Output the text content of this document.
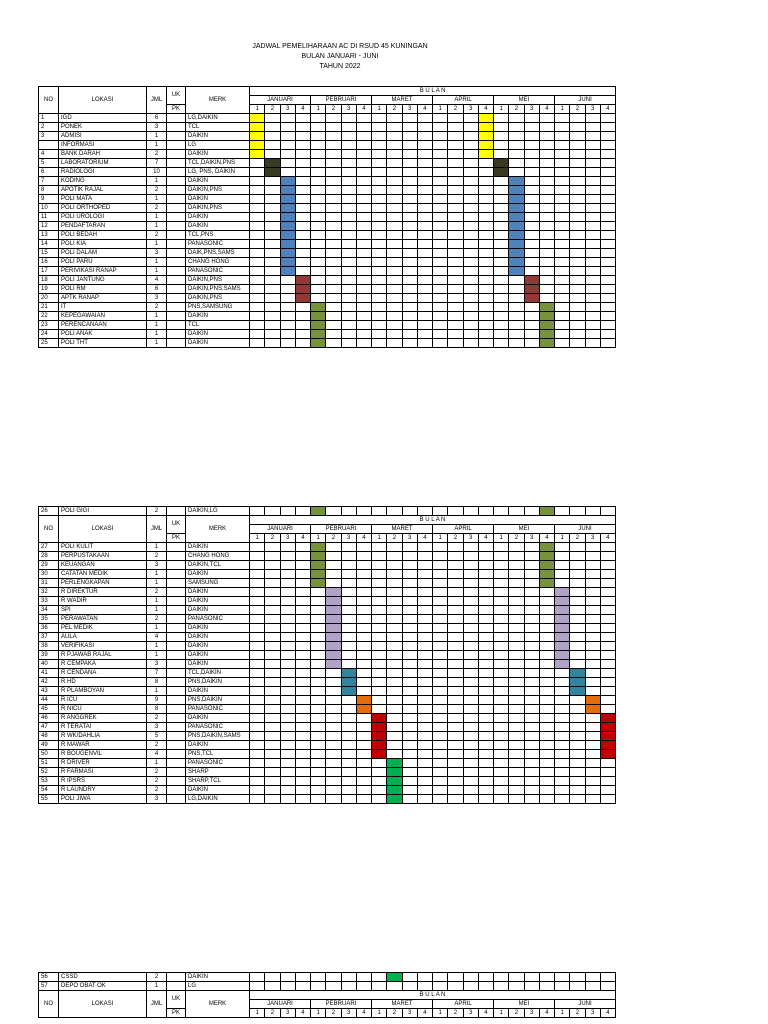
JADWAL PEMELIHARAAN AC DI RSUD 45 KUNINGAN
BULAN JANUARI - JUNI
TAHUN 2022
NO	LOKASI	JML	UK	MERK	B U L A N																							
					JANUARI				PEBRUARI				MARET				APRIL				MEI				JUNI			
			PK		1	2	3	4	1	2	3	4	1	2	3	4	1	2	3	4	1	2	3	4	1	2	3	4
1	IGD	6		LG,DAIKIN																								
2	PONEK	3		TCL																								
3	ADMISI	1		DAIKIN																								
	INFORMASI	1		LG																								
4	BANK DARAH	2		DAIKIN																								
5	LABORATORIUM	7		TCL,DAIKIN,PNS																								
6	RADIOLOGI	10		LG, PNS, DAIKIN																								
7	KODING	1		DAIKIN																								
8	APOTIK RAJAL	2		DAIKIN,PNS																								
9	POLI MATA	1		DAIKIN																								
10	POLI ORTHOPED	2		DAIKIN,PNS																								
11	POLI UROLOGI	1		DAIKIN																								
12	PENDAFTARAN	1		DAIKIN																								
13	POLI BEDAH	2		TCL,PNS																								
14	POLI KIA	1		PANASONIC																								
15	POLI DALAM	3		DAIK,PNS,SAMS																								
16	POLI PARU	1		CHANG HONG																								
17	PERIVIKASI RANAP	1		PANASONIC																								
18	POLI JANTUNG	4		DAIKIN,PNS																								
19	POLI RM	6		DAIKIN,PNS,SAMS																								
20	APTK RANAP	3		DAIKIN,PNS																								
21	IT	2		PNS,SAMSUNG																								
22	KEPEGAWAIAN	1		DAIKIN																								
23	PERENCANAAN	1		TCL																								
24	POLI ANAK	1		DAIKIN																								
25	POLI THT	1		DAIKIN																								
26	POLI GIGI	2		DAIKIN,LG																								
NO	LOKASI	JML	UK	MERK	B U L A N																							
					JANUARI				PEBRUARI				MARET				APRIL				MEI				JUNI			
			PK		1	2	3	4	1	2	3	4	1	2	3	4	1	2	3	4	1	2	3	4	1	2	3	4
27	POLI KULIT	1		DAIKIN																								
28	PERPUSTAKAAN	2		CHANG HONG																								
29	KEUANGAN	3		DAIKIN,TCL																								
30	CATATAN MEDIK	1		DAIKIN																								
31	PERLENGKAPAN	1		SAMSUNG																								
32	R DIREKTUR	2		DAIKIN																								
33	R WADIR	1		DAIKIN																								
34	SPI	1		DAIKIN																								
35	PERAWATAN	2		PANASONIC																								
36	PEL MEDIK	1		DAIKIN																								
37	AULA	4		DAIKIN																								
38	VERIFIKASI	1		DAIKIN																								
39	R PJAWAB RAJAL	1		DAIKIN																								
40	R CEMPAKA	3		DAIKIN																								
41	R CENDANA	7		TCL,DAIKIN																								
42	R HD	8		PNS,DAIKIN																								
43	R PLAMBOYAN	1		DAIKIN																								
44	R ICU	9		PNS,DAIKIN																								
45	R NICU	8		PANASONIC																								
46	R ANGGREK	2		DAIKIN																								
47	R TERATAI	3		PANASONIC																								
48	R WK/DAHLIA	5		PNS,DAIKIN,SAMS																								
49	R MAWAR	2		DAIKIN																								
50	R BOUGENVIL	4		PNS,TCL																								
51	R DRIVER	1		PANASONIC																								
52	R FARMASI	2		SHARP																								
53	R IPSRS	2		SHARP,TCL																								
54	R LAUNDRY	2		DAIKIN																								
55	POLI JIWA	3		LG,DAIKIN																								
56	CSSD	2		DAIKIN																								
57	DEPO OBAT OK	1		LG																								
NO	LOKASI	JML	UK	MERK	B U L A N																							
					JANUARI				PEBRUARI				MARET				APRIL				MEI				JUNI			
			PK		1	2	3	4	1	2	3	4	1	2	3	4	1	2	3	4	1	2	3	4	1	2	3	4
